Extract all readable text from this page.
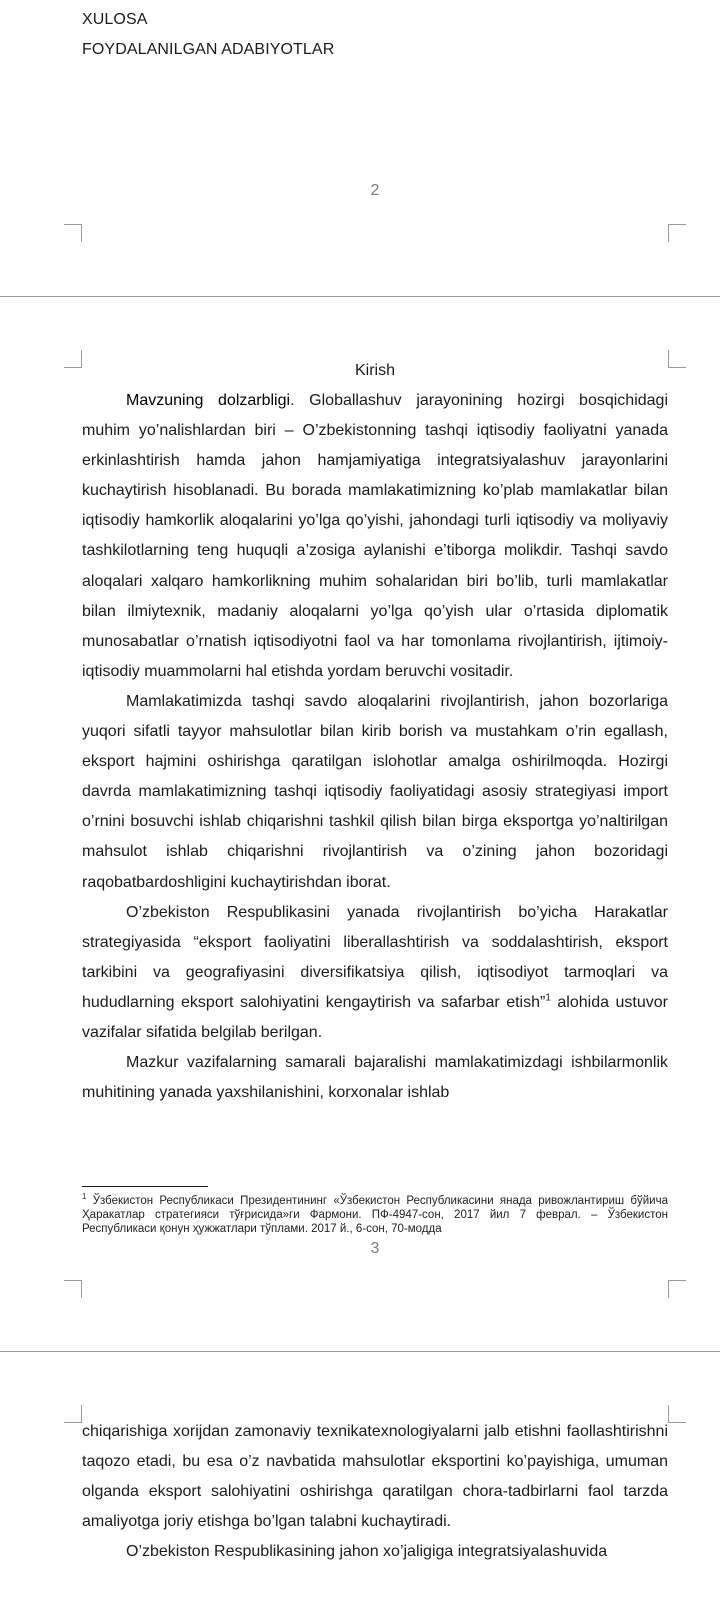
XULOSA
FOYDALANILGAN ADABIYOTLAR
2
Kirish

Mavzuning dolzarbligi. Globallashuv jarayonining hozirgi bosqichidagi muhim yo’nalishlardan biri – O’zbekistonning tashqi iqtisodiy faoliyatni yanada erkinlashtirish hamda jahon hamjamiyatiga integratsiyalashuv jarayonlarini kuchaytirish hisoblanadi. Bu borada mamlakatimizning ko’plab mamlakatlar bilan iqtisodiy hamkorlik aloqalarini yo’lga qo’yishi, jahondagi turli iqtisodiy va moliyaviy tashkilotlarning teng huquqli a’zosiga aylanishi e’tiborga molikdir. Tashqi savdo aloqalari xalqaro hamkorlikning muhim sohalaridan biri bo’lib, turli mamlakatlar bilan ilmiytexnik, madaniy aloqalarni yo’lga qo’yish ular o’rtasida diplomatik munosabatlar o’rnatish iqtisodiyotni faol va har tomonlama rivojlantirish, ijtimoiy-iqtisodiy muammolarni hal etishda yordam beruvchi vositadir.

Mamlakatimizda tashqi savdo aloqalarini rivojlantirish, jahon bozorlariga yuqori sifatli tayyor mahsulotlar bilan kirib borish va mustahkam o’rin egallash, eksport hajmini oshirishga qaratilgan islohotlar amalga oshirilmoqda. Hozirgi davrda mamlakatimizning tashqi iqtisodiy faoliyatidagi asosiy strategiyasi import o’rnini bosuvchi ishlab chiqarishni tashkil qilish bilan birga eksportga yo’naltirilgan mahsulot ishlab chiqarishni rivojlantirish va o’zining jahon bozoridagi raqobatbardoshligini kuchaytirishdan iborat.

O’zbekiston Respublikasini yanada rivojlantirish bo’yicha Harakatlar strategiyasida “eksport faoliyatini liberallashtirish va soddalashtirish, eksport tarkibini va geografiyasini diversifikatsiya qilish, iqtisodiyot tarmoqlari va hududlarning eksport salohiyatini kengaytirish va safarbar etish”$^1$ alohida ustuvor vazifalar sifatida belgilab berilgan.

Mazkur vazifalarning samarali bajaralishi mamlakatimizdagi ishbilarmonlik muhitining yanada yaxshilanishini, korxonalar ishlab

$^1$ Ўзбекистон Республикаси Президентининг «Ўзбекистон Республикасини янада ривожлантириш бўйича Ҳаракатлар стратегияси тўғрисида»ги Фармони. ПФ-4947-сон, 2017 йил 7 феврал. – Ўзбекистон Республикаси қонун ҳужжатлари тўплами. 2017 й., 6-сон, 70-модда

3

chiqarishiga xorijdan zamonaviy texnikatexnologiyalarni jalb etishni faollashtirishni taqozo etadi, bu esa o’z navbatida mahsulotlar eksportini ko’payishiga, umuman olganda eksport salohiyatini oshirishga qaratilgan chora-tadbirlarni faol tarzda amaliyotga joriy etishga bo’lgan talabni kuchaytiradi.

O’zbekiston Respublikasining jahon xo’jaligiga integratsiyalashuvida
